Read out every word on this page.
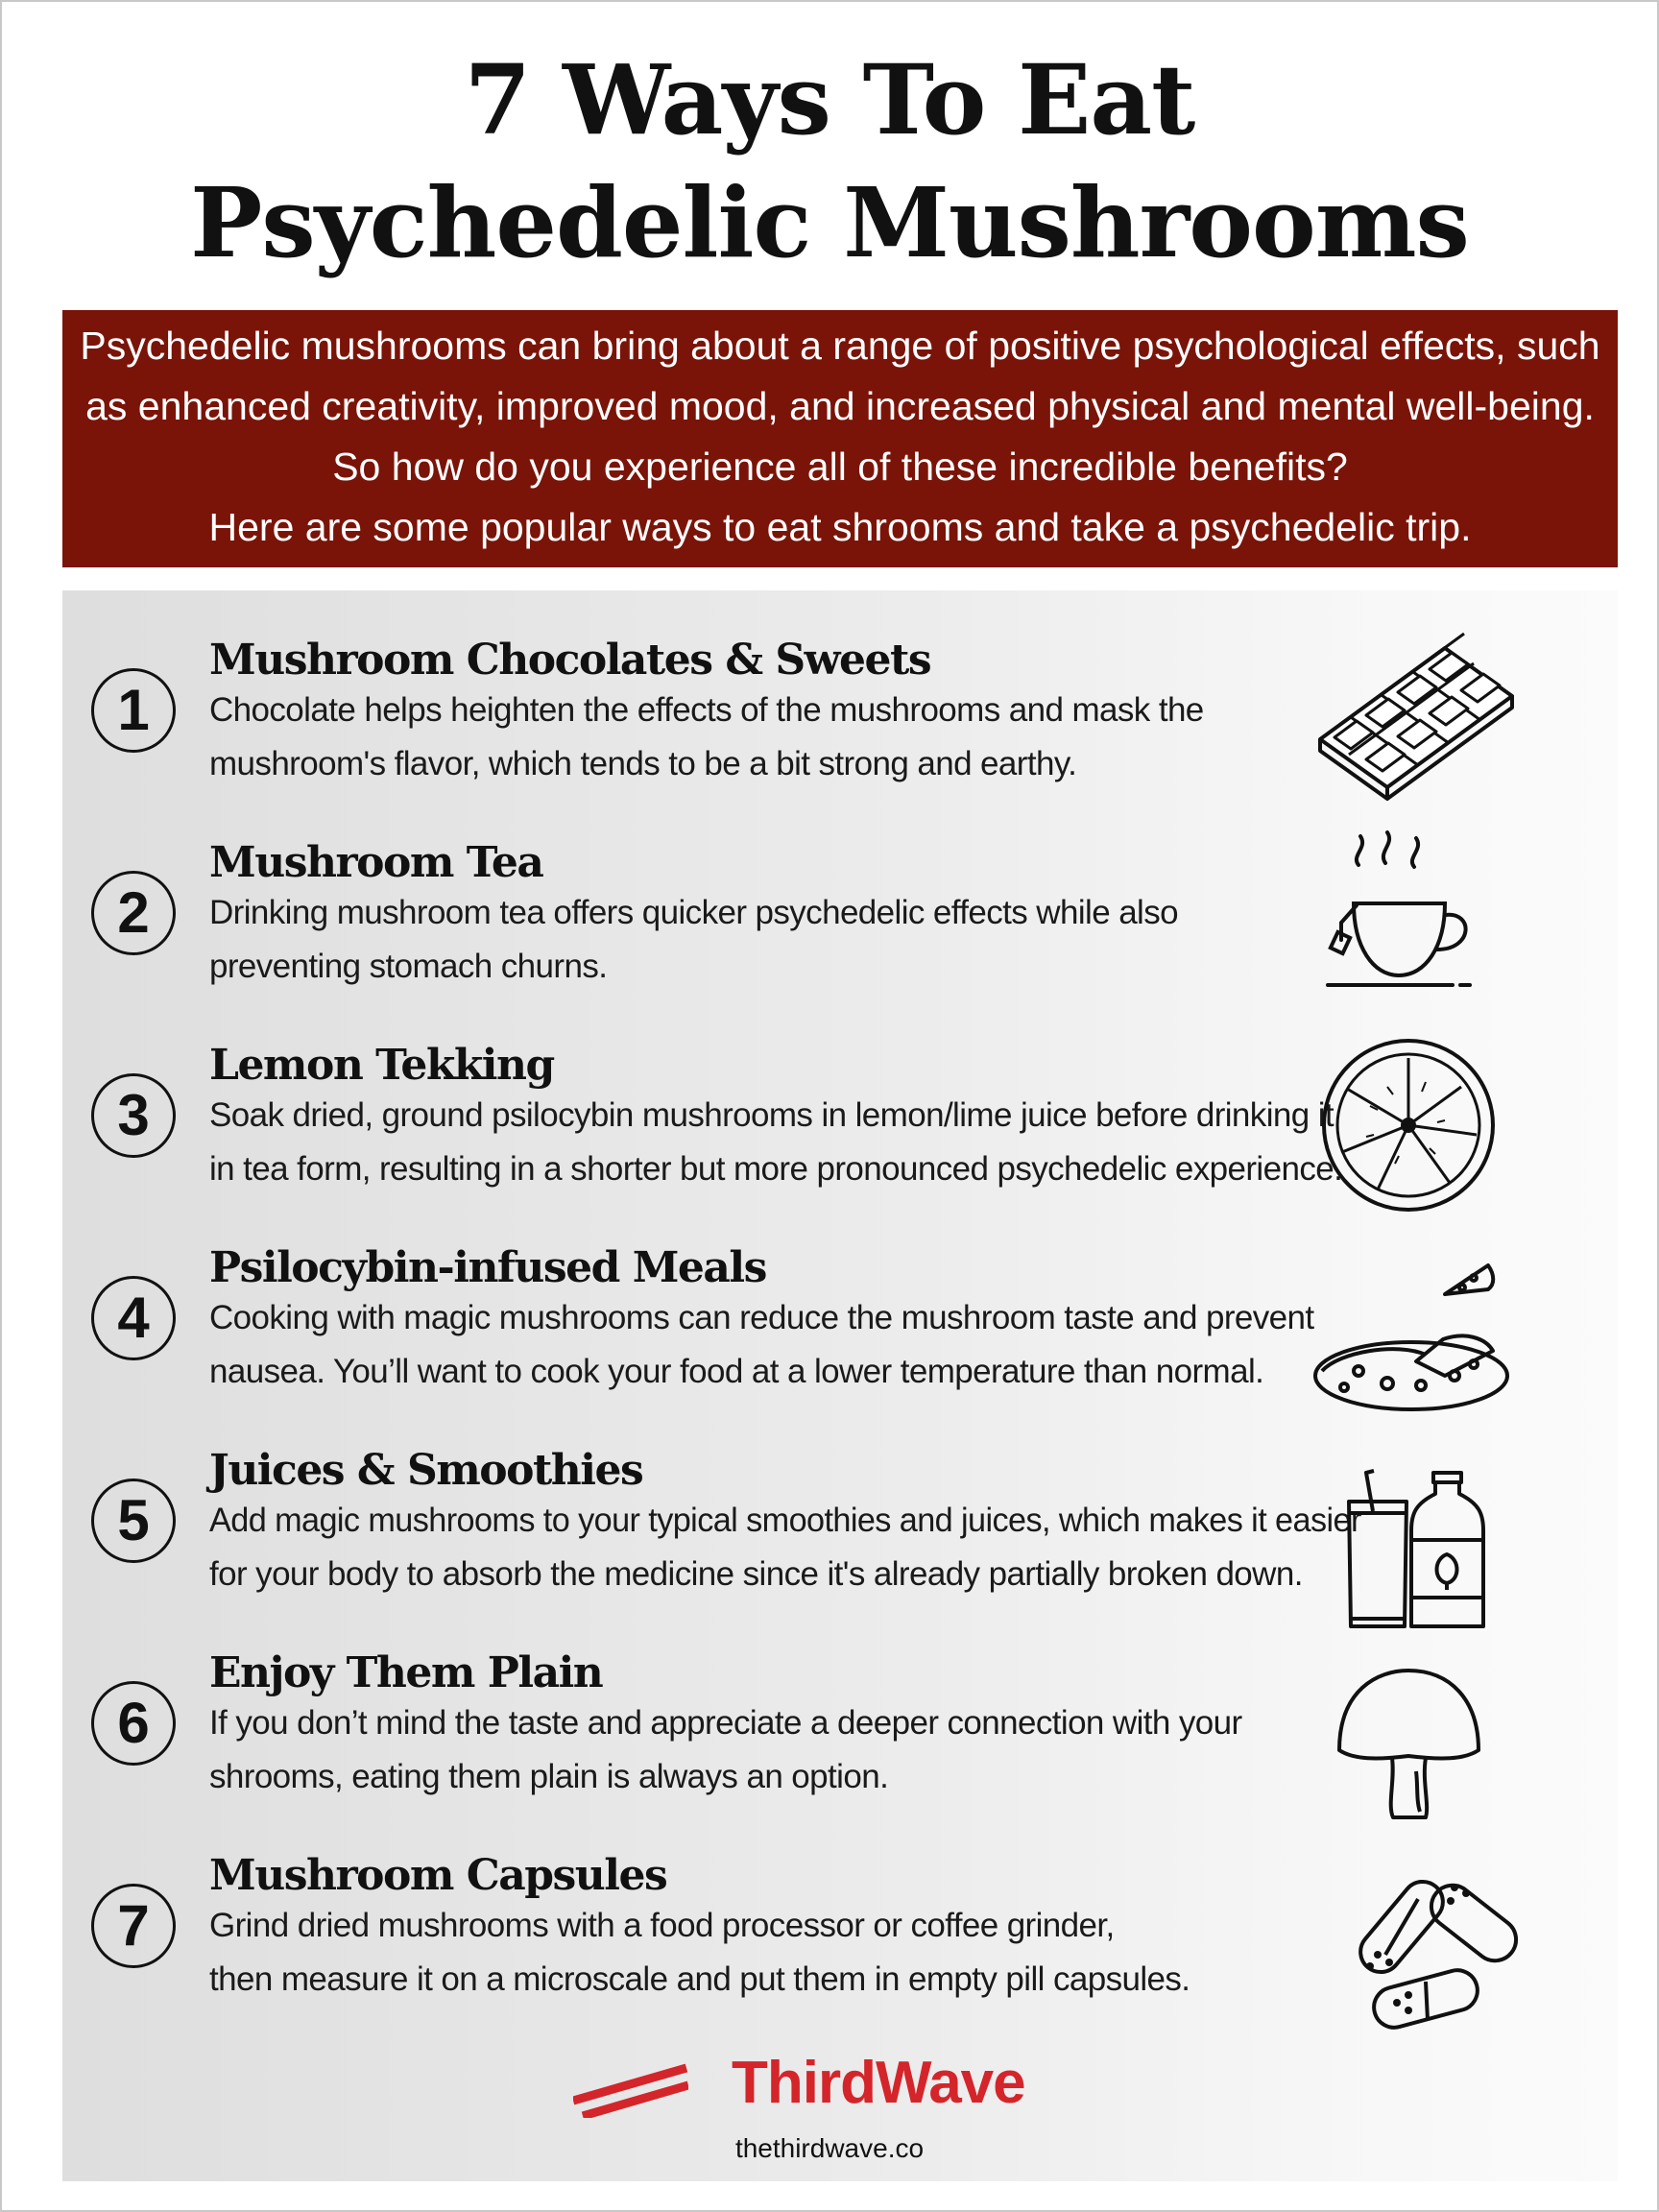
7 Ways To Eat
Psychedelic Mushrooms

Psychedelic mushrooms can bring about a range of positive psychological effects, such

as enhanced creativity, improved mood, and increased physical and mental well-being.

So how do you experience all of these incredible benefits?

Here are some popular ways to eat shrooms and take a psychedelic trip.

1
Mushroom Chocolates & Sweets
Chocolate helps heighten the effects of the mushrooms and mask the
mushroom's flavor, which tends to be a bit strong and earthy.
2
Mushroom Tea
Drinking mushroom tea offers quicker psychedelic effects while also
preventing stomach churns.
3
Lemon Tekking
Soak dried, ground psilocybin mushrooms in lemon/lime juice before drinking it
in tea form, resulting in a shorter but more pronounced psychedelic experience.
4
Psilocybin-infused Meals
Cooking with magic mushrooms can reduce the mushroom taste and prevent
nausea. You’ll want to cook your food at a lower temperature than normal.
5
Juices & Smoothies
Add magic mushrooms to your typical smoothies and juices, which makes it easier
for your body to absorb the medicine since it's already partially broken down.
6
Enjoy Them Plain
If you don’t mind the taste and appreciate a deeper connection with your
shrooms, eating them plain is always an option.
7
Mushroom Capsules
Grind dried mushrooms with a food processor or coffee grinder,
then measure it on a microscale and put them in empty pill capsules.
ThirdWave
thethirdwave.co
